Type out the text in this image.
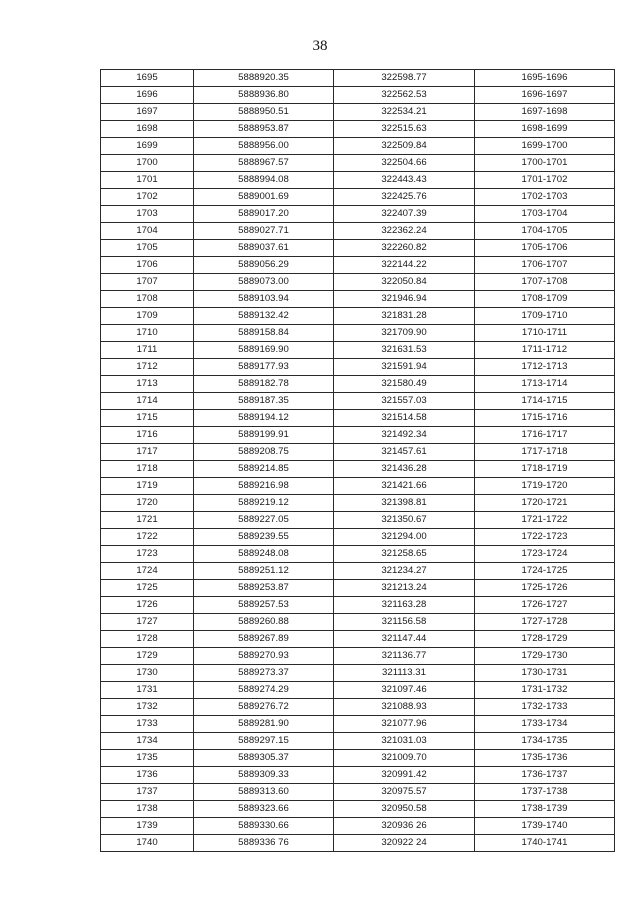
38
1695	5888920.35	322598.77	1695-1696
1696	5888936.80	322562.53	1696-1697
1697	5888950.51	322534.21	1697-1698
1698	5888953.87	322515.63	1698-1699
1699	5888956.00	322509.84	1699-1700
1700	5888967.57	322504.66	1700-1701
1701	5888994.08	322443.43	1701-1702
1702	5889001.69	322425.76	1702-1703
1703	5889017.20	322407.39	1703-1704
1704	5889027.71	322362.24	1704-1705
1705	5889037.61	322260.82	1705-1706
1706	5889056.29	322144.22	1706-1707
1707	5889073.00	322050.84	1707-1708
1708	5889103.94	321946.94	1708-1709
1709	5889132.42	321831.28	1709-1710
1710	5889158.84	321709.90	1710-1711
1711	5889169.90	321631.53	1711-1712
1712	5889177.93	321591.94	1712-1713
1713	5889182.78	321580.49	1713-1714
1714	5889187.35	321557.03	1714-1715
1715	5889194.12	321514.58	1715-1716
1716	5889199.91	321492.34	1716-1717
1717	5889208.75	321457.61	1717-1718
1718	5889214.85	321436.28	1718-1719
1719	5889216.98	321421.66	1719-1720
1720	5889219.12	321398.81	1720-1721
1721	5889227.05	321350.67	1721-1722
1722	5889239.55	321294.00	1722-1723
1723	5889248.08	321258.65	1723-1724
1724	5889251.12	321234.27	1724-1725
1725	5889253.87	321213.24	1725-1726
1726	5889257.53	321163.28	1726-1727
1727	5889260.88	321156.58	1727-1728
1728	5889267.89	321147.44	1728-1729
1729	5889270.93	321136.77	1729-1730
1730	5889273.37	321113.31	1730-1731
1731	5889274.29	321097.46	1731-1732
1732	5889276.72	321088.93	1732-1733
1733	5889281.90	321077.96	1733-1734
1734	5889297.15	321031.03	1734-1735
1735	5889305.37	321009.70	1735-1736
1736	5889309.33	320991.42	1736-1737
1737	5889313.60	320975.57	1737-1738
1738	5889323.66	320950.58	1738-1739
1739	5889330.66	320936 26	1739-1740
1740	5889336 76	320922 24	1740-1741
